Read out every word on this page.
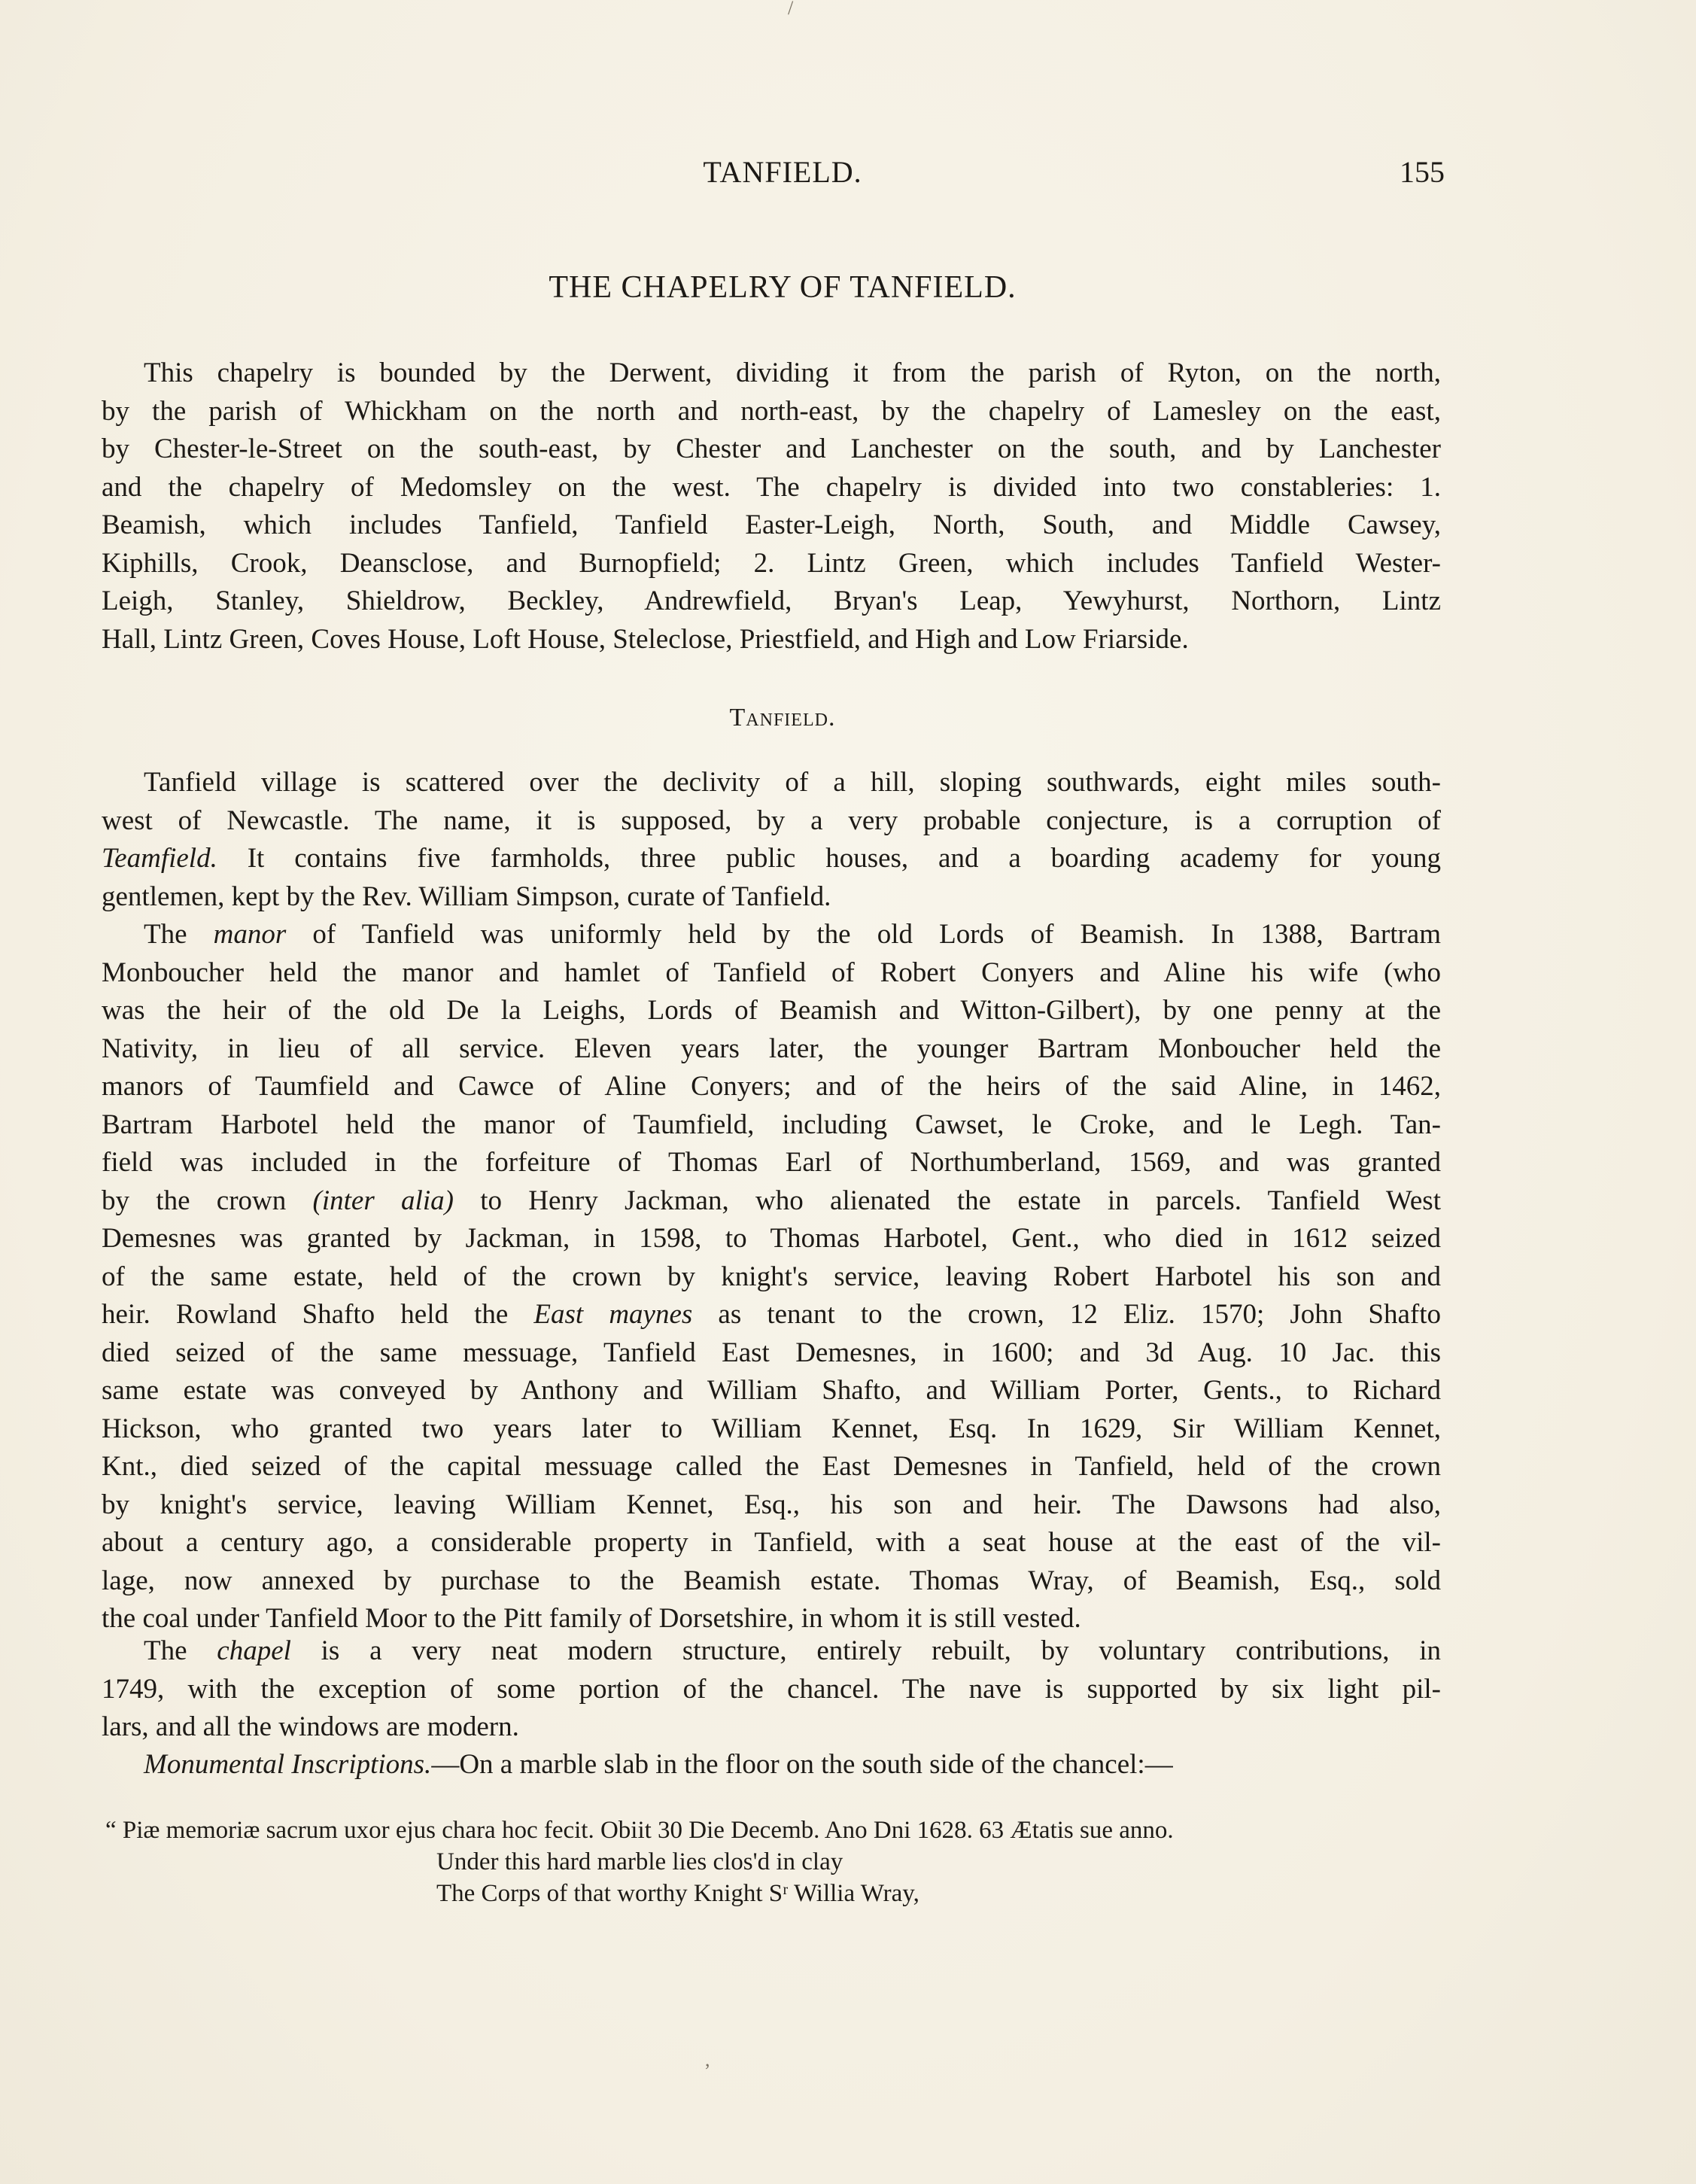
/
TANFIELD.	155
THE CHAPELRY OF TANFIELD.
This chapelry is bounded by the Derwent, dividing it from the parish of Ryton, on the north,
by the parish of Whickham on the north and north-east, by the chapelry of Lamesley on the east,
by Chester-le-Street on the south-east, by Chester and Lanchester on the south, and by Lanchester
and the chapelry of Medomsley on the west. The chapelry is divided into two constableries: 1.
Beamish, which includes Tanfield, Tanfield Easter-Leigh, North, South, and Middle Cawsey,
Kiphills, Crook, Deansclose, and Burnopfield; 2. Lintz Green, which includes Tanfield Wester-
Leigh, Stanley, Shieldrow, Beckley, Andrewfield, Bryan's Leap, Yewyhurst, Northorn, Lintz
Hall, Lintz Green, Coves House, Loft House, Steleclose, Priestfield, and High and Low Friarside.
Tanfield.
Tanfield village is scattered over the declivity of a hill, sloping southwards, eight miles south-
west of Newcastle. The name, it is supposed, by a very probable conjecture, is a corruption of
Teamfield. It contains five farmholds, three public houses, and a boarding academy for young
gentlemen, kept by the Rev. William Simpson, curate of Tanfield.
The manor of Tanfield was uniformly held by the old Lords of Beamish. In 1388, Bartram
Monboucher held the manor and hamlet of Tanfield of Robert Conyers and Aline his wife (who
was the heir of the old De la Leighs, Lords of Beamish and Witton-Gilbert), by one penny at the
Nativity, in lieu of all service. Eleven years later, the younger Bartram Monboucher held the
manors of Taumfield and Cawce of Aline Conyers; and of the heirs of the said Aline, in 1462,
Bartram Harbotel held the manor of Taumfield, including Cawset, le Croke, and le Legh. Tan-
field was included in the forfeiture of Thomas Earl of Northumberland, 1569, and was granted
by the crown (inter alia) to Henry Jackman, who alienated the estate in parcels. Tanfield West
Demesnes was granted by Jackman, in 1598, to Thomas Harbotel, Gent., who died in 1612 seized
of the same estate, held of the crown by knight's service, leaving Robert Harbotel his son and
heir. Rowland Shafto held the East maynes as tenant to the crown, 12 Eliz. 1570; John Shafto
died seized of the same messuage, Tanfield East Demesnes, in 1600; and 3d Aug. 10 Jac. this
same estate was conveyed by Anthony and William Shafto, and William Porter, Gents., to Richard
Hickson, who granted two years later to William Kennet, Esq. In 1629, Sir William Kennet,
Knt., died seized of the capital messuage called the East Demesnes in Tanfield, held of the crown
by knight's service, leaving William Kennet, Esq., his son and heir. The Dawsons had also,
about a century ago, a considerable property in Tanfield, with a seat house at the east of the vil-
lage, now annexed by purchase to the Beamish estate. Thomas Wray, of Beamish, Esq., sold
the coal under Tanfield Moor to the Pitt family of Dorsetshire, in whom it is still vested.
The chapel is a very neat modern structure, entirely rebuilt, by voluntary contributions, in
1749, with the exception of some portion of the chancel. The nave is supported by six light pil-
lars, and all the windows are modern.
Monumental Inscriptions.—On a marble slab in the floor on the south side of the chancel:—
“ Piæ memoriæ sacrum uxor ejus chara hoc fecit. Obiit 30 Die Decemb. Ano Dni 1628. 63 Ætatis sue anno.
Under this hard marble lies clos'd in clay
The Corps of that worthy Knight Sʳ Willia Wray,
,
